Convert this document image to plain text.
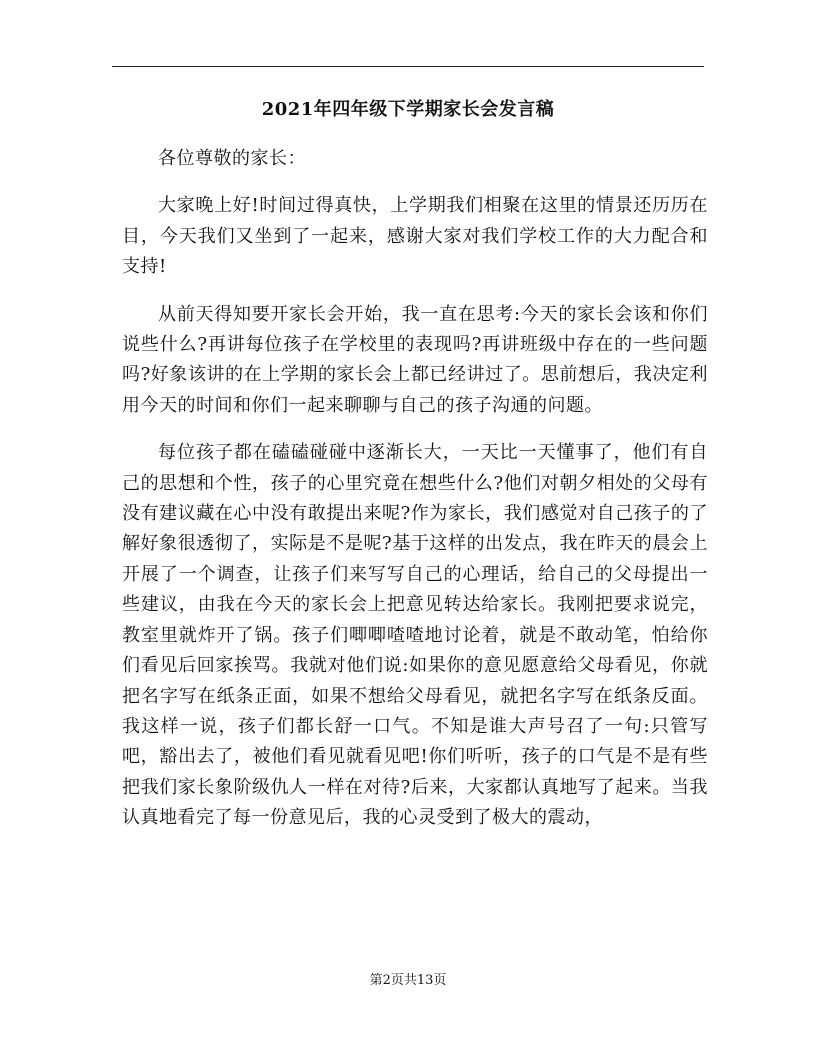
2021年四年级下学期家长会发言稿

各位尊敬的家长：

大家晚上好!时间过得真快，上学期我们相聚在这里的情景还历历在目，今天我们又坐到了一起来，感谢大家对我们学校工作的大力配合和支持!

从前天得知要开家长会开始，我一直在思考:今天的家长会该和你们说些什么?再讲每位孩子在学校里的表现吗?再讲班级中存在的一些问题吗?好象该讲的在上学期的家长会上都已经讲过了。思前想后，我决定利用今天的时间和你们一起来聊聊与自己的孩子沟通的问题。

每位孩子都在磕磕碰碰中逐渐长大，一天比一天懂事了，他们有自己的思想和个性，孩子的心里究竟在想些什么?他们对朝夕相处的父母有没有建议藏在心中没有敢提出来呢?作为家长，我们感觉对自己孩子的了解好象很透彻了，实际是不是呢?基于这样的出发点，我在昨天的晨会上开展了一个调查，让孩子们来写写自己的心理话，给自己的父母提出一些建议，由我在今天的家长会上把意见转达给家长。我刚把要求说完，教室里就炸开了锅。孩子们唧唧喳喳地讨论着，就是不敢动笔，怕给你们看见后回家挨骂。我就对他们说:如果你的意见愿意给父母看见，你就把名字写在纸条正面，如果不想给父母看见，就把名字写在纸条反面。我这样一说，孩子们都长舒一口气。不知是谁大声号召了一句:只管写吧，豁出去了，被他们看见就看见吧!你们听听，孩子的口气是不是有些把我们家长象阶级仇人一样在对待?后来，大家都认真地写了起来。当我认真地看完了每一份意见后，我的心灵受到了极大的震动，

第2页共13页
